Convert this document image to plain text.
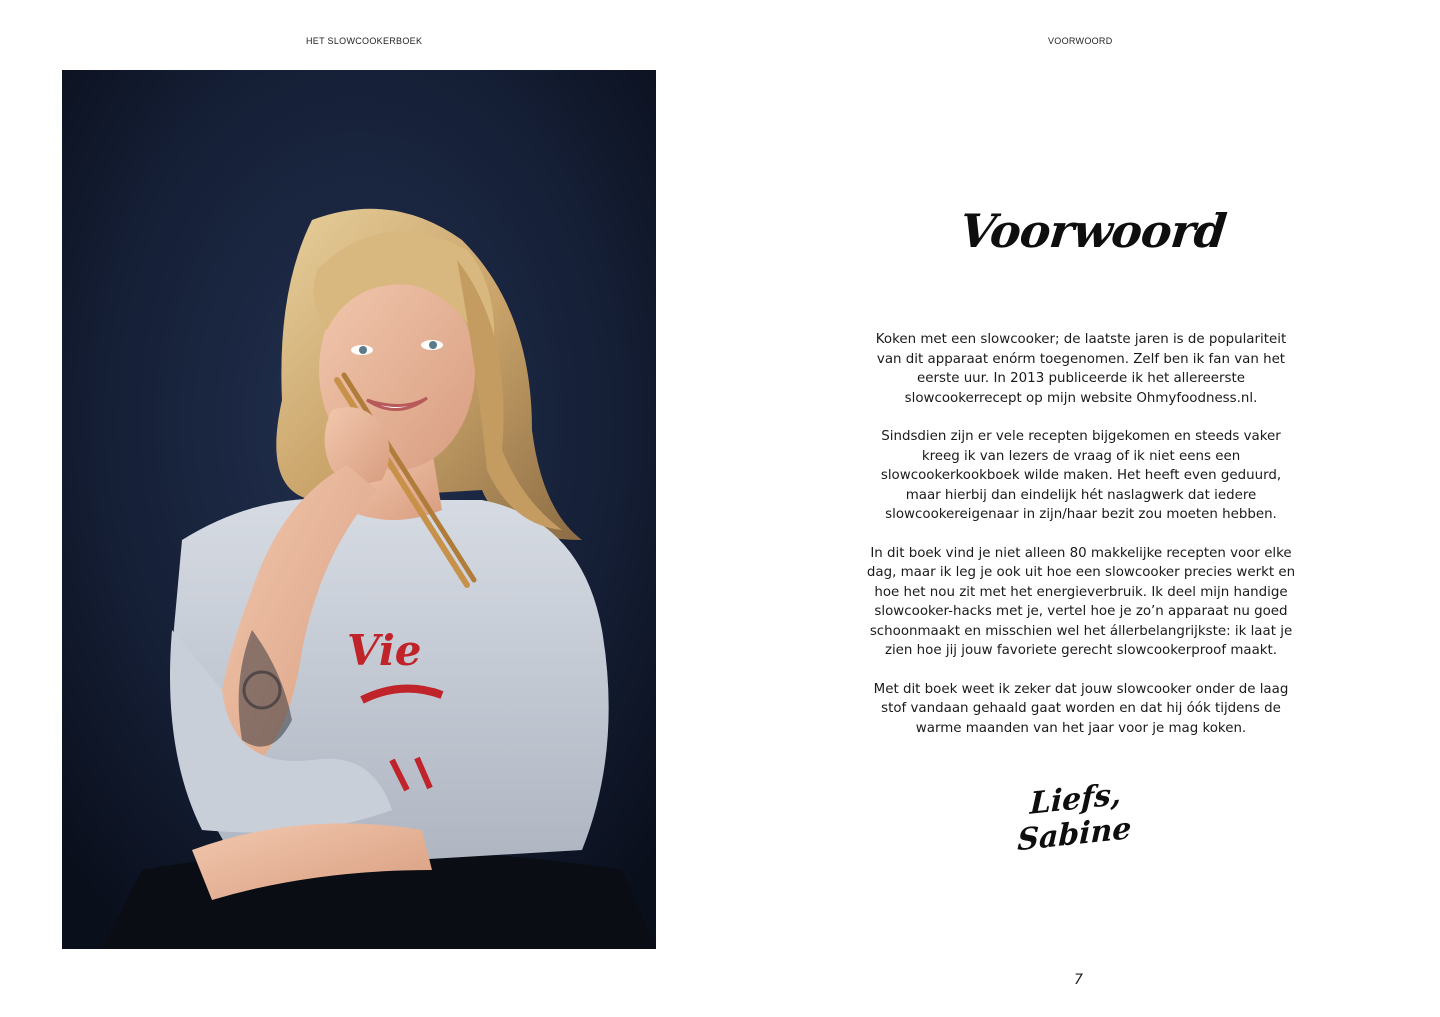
HET SLOWCOOKERBOEK
Vie
VOORWOORD
Voorwoord

Koken met een slowcooker; de laatste jaren is de populariteit van dit apparaat enórm toegenomen. Zelf ben ik fan van het eerste uur. In 2013 publiceerde ik het allereerste slowcookerrecept op mijn website Ohmyfoodness.nl.

Sindsdien zijn er vele recepten bijgekomen en steeds vaker kreeg ik van lezers de vraag of ik niet eens een slowcookerkookboek wilde maken. Het heeft even geduurd, maar hierbij dan eindelijk hét naslagwerk dat iedere slowcookereigenaar in zijn/haar bezit zou moeten hebben.

In dit boek vind je niet alleen 80 makkelijke recepten voor elke dag, maar ik leg je ook uit hoe een slowcooker precies werkt en hoe het nou zit met het energieverbruik. Ik deel mijn handige slowcooker-hacks met je, vertel hoe je zo’n apparaat nu goed schoonmaakt en misschien wel het állerbelangrijkste: ik laat je zien hoe jij jouw favoriete gerecht slowcookerproof maakt.

Met dit boek weet ik zeker dat jouw slowcooker onder de laag stof vandaan gehaald gaat worden en dat hij óók tijdens de warme maanden van het jaar voor je mag koken.

Liefs, Sabine
7
